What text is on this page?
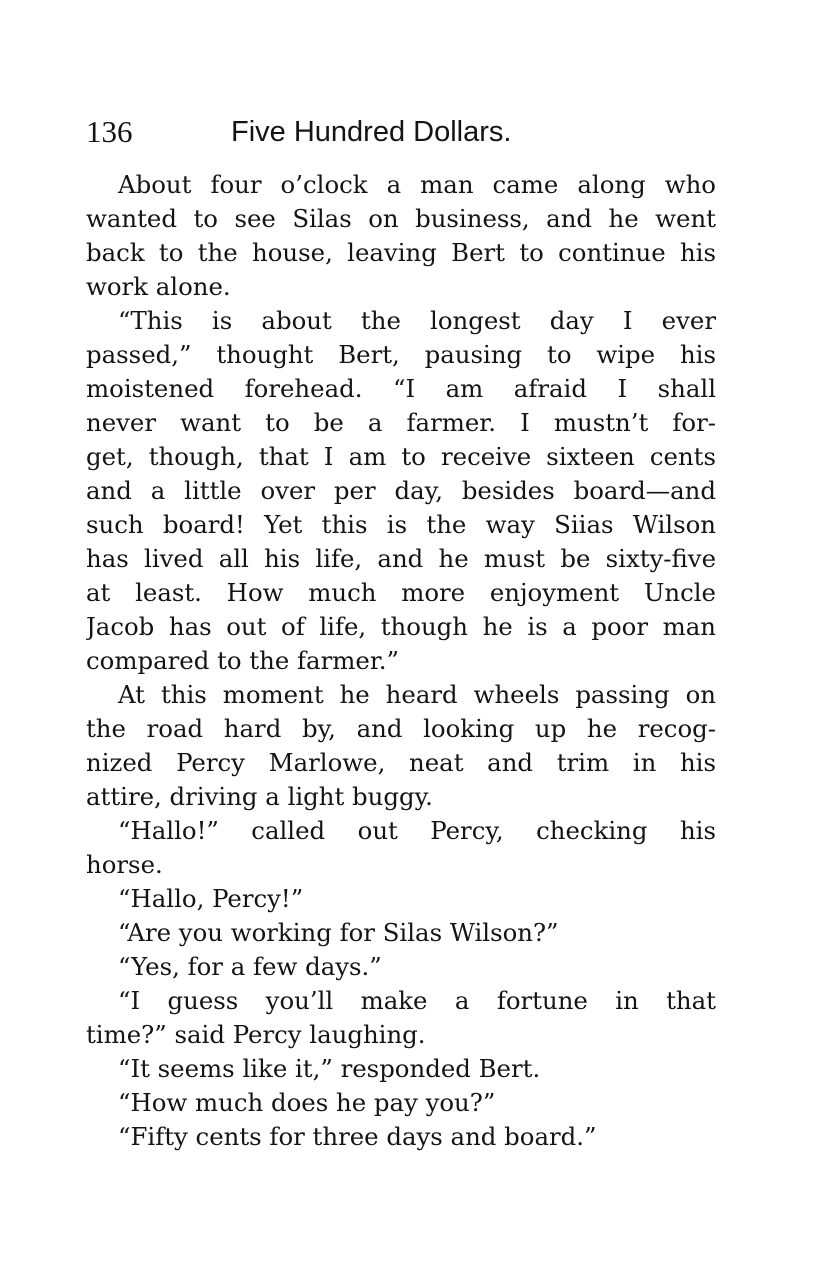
136	Five Hundred Dollars.
About four o’clock a man came along who
wanted to see Silas on business, and he went
back to the house, leaving Bert to continue his
work alone.
“This is about the longest day I ever
passed,” thought Bert, pausing to wipe his
moistened forehead. “I am afraid I shall
never want to be a farmer. I mustn’t for-
get, though, that I am to receive sixteen cents
and a little over per day, besides board—and
such board! Yet this is the way Siias Wilson
has lived all his life, and he must be sixty-five
at least. How much more enjoyment Uncle
Jacob has out of life, though he is a poor man
compared to the farmer.”
At this moment he heard wheels passing on
the road hard by, and looking up he recog-
nized Percy Marlowe, neat and trim in his
attire, driving a light buggy.
“Hallo!” called out Percy, checking his
horse.
“Hallo, Percy!”
“Are you working for Silas Wilson?”
“Yes, for a few days.”
“I guess you’ll make a fortune in that
time?” said Percy laughing.
“It seems like it,” responded Bert.
“How much does he pay you?”
“Fifty cents for three days and board.”
